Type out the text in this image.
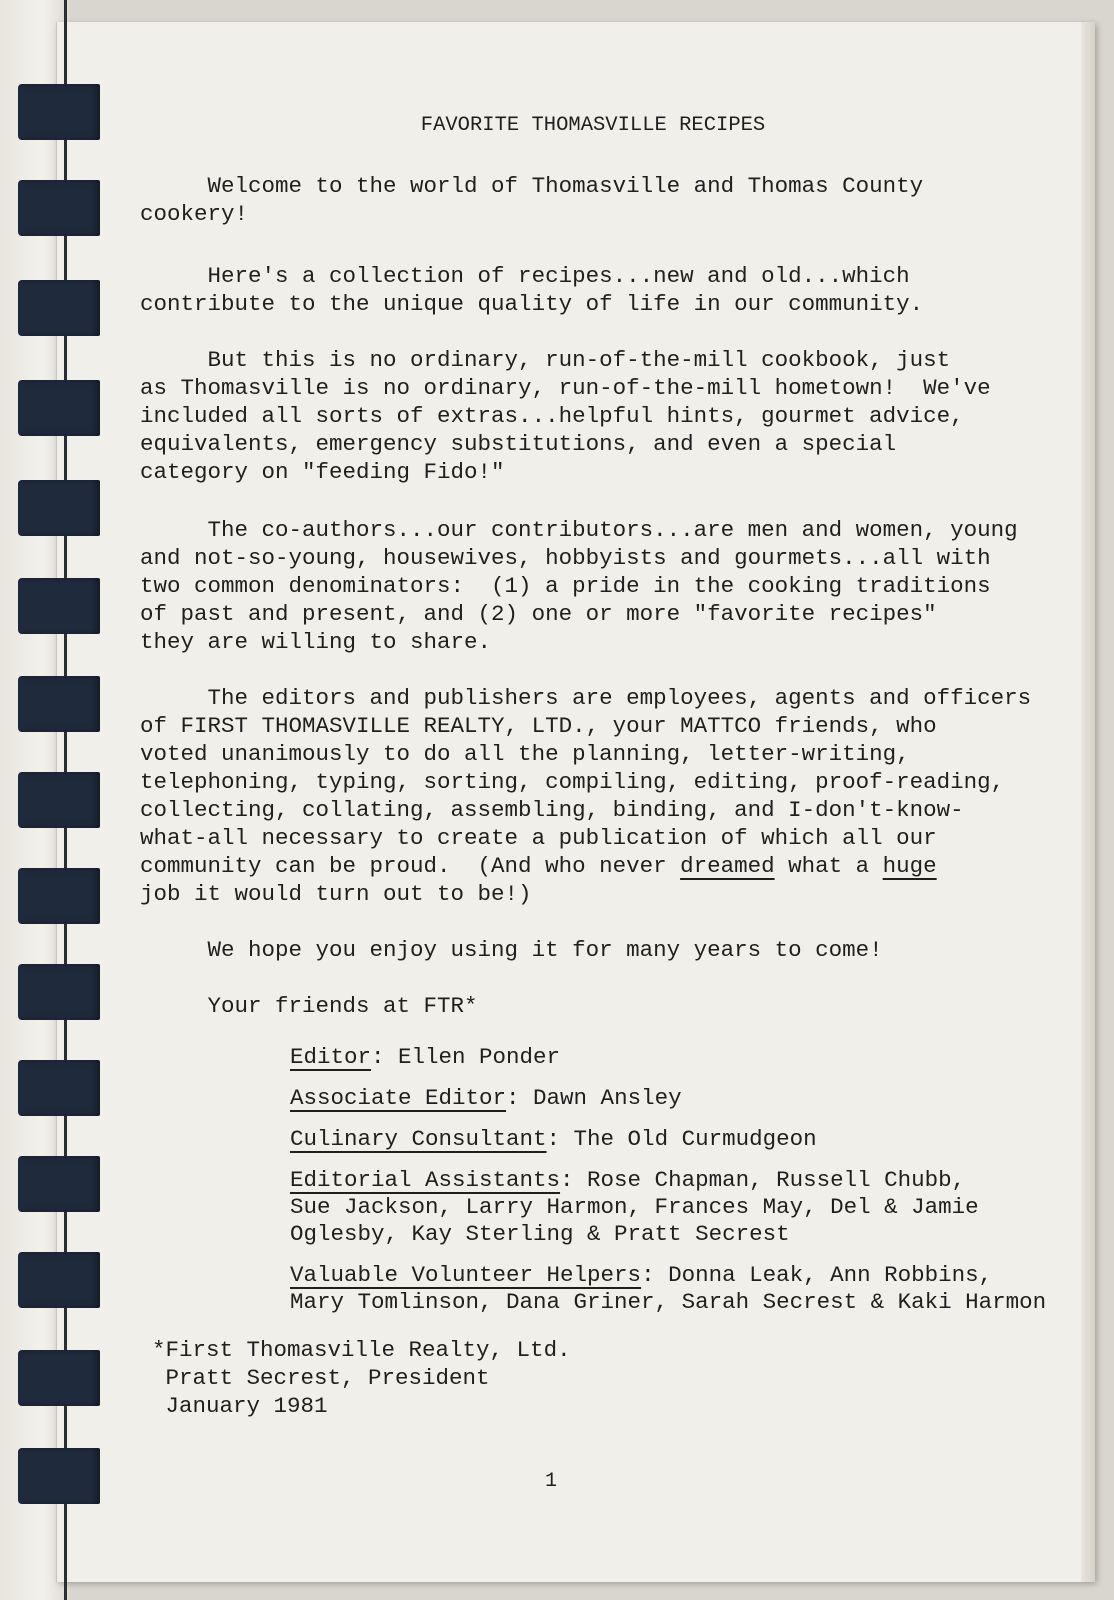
FAVORITE THOMASVILLE RECIPES

Welcome to the world of Thomasville and Thomas County

cookery!

Here's a collection of recipes...new and old...which

contribute to the unique quality of life in our community.

But this is no ordinary, run-of-the-mill cookbook, just

as Thomasville is no ordinary, run-of-the-mill hometown!  We've

included all sorts of extras...helpful hints, gourmet advice,

equivalents, emergency substitutions, and even a special

category on "feeding Fido!"

The co-authors...our contributors...are men and women, young

and not-so-young, housewives, hobbyists and gourmets...all with

two common denominators:  (1) a pride in the cooking traditions

of past and present, and (2) one or more "favorite recipes"

they are willing to share.

The editors and publishers are employees, agents and officers

of FIRST THOMASVILLE REALTY, LTD., your MATTCO friends, who

voted unanimously to do all the planning, letter-writing,

telephoning, typing, sorting, compiling, editing, proof-reading,

collecting, collating, assembling, binding, and I-don't-know-

what-all necessary to create a publication of which all our

community can be proud.  (And who never dreamed what a huge

job it would turn out to be!)

We hope you enjoy using it for many years to come!

Your friends at FTR*

Editor: Ellen Ponder

Associate Editor: Dawn Ansley

Culinary Consultant: The Old Curmudgeon

Editorial Assistants: Rose Chapman, Russell Chubb,

Sue Jackson, Larry Harmon, Frances May, Del & Jamie

Oglesby, Kay Sterling & Pratt Secrest

Valuable Volunteer Helpers: Donna Leak, Ann Robbins,

Mary Tomlinson, Dana Griner, Sarah Secrest & Kaki Harmon

*First Thomasville Realty, Ltd.

Pratt Secrest, President

January 1981

1
